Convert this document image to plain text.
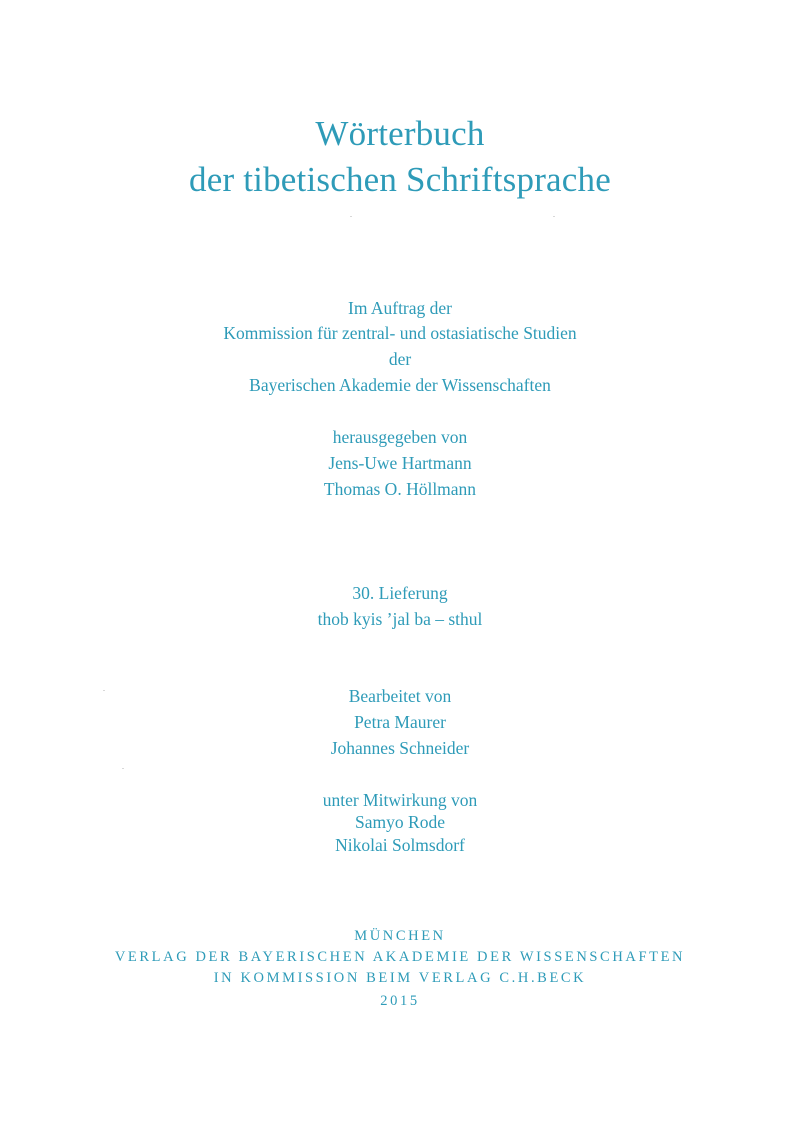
Wörterbuch
der tibetischen Schriftsprache
Im Auftrag der
Kommission für zentral- und ostasiatische Studien
der
Bayerischen Akademie der Wissenschaften
herausgegeben von
Jens-Uwe Hartmann
Thomas O. Höllmann
30. Lieferung
thob kyis ’jal ba – sthul
Bearbeitet von
Petra Maurer
Johannes Schneider
unter Mitwirkung von
Samyo Rode
Nikolai Solmsdorf
MÜNCHEN
VERLAG DER BAYERISCHEN AKADEMIE DER WISSENSCHAFTEN
IN KOMMISSION BEIM VERLAG C.H.BECK
2015
